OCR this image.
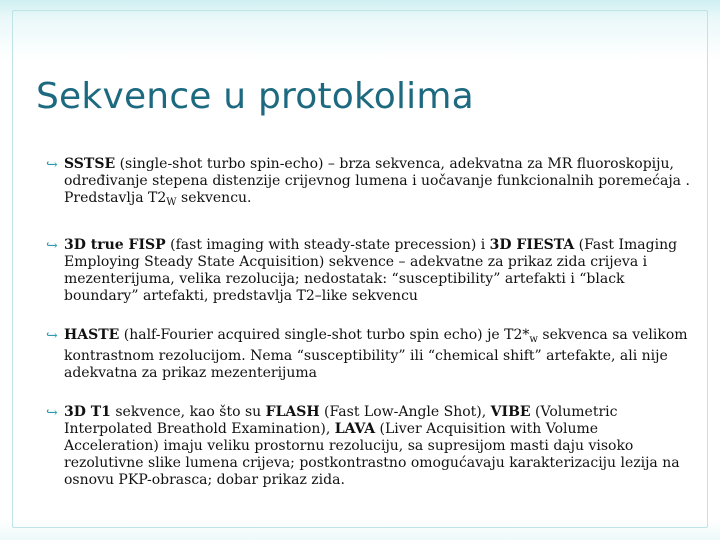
Sekvence u protokolima
↪ SSTSE (single-shot turbo spin-echo) – brza sekvenca, adekvatna za MR fluoroskopiju, određivanje stepena distenzije crijevnog lumena i uočavanje funkcionalnih poremećaja . Predstavlja $T2_W$ sekvencu.
↪ 3D true FISP (fast imaging with steady-state precession) i 3D FIESTA (Fast Imaging Employing Steady State Acquisition) sekvence – adekvatne za prikaz zida crijeva i mezenterijuma, velika rezolucija; nedostatak: “susceptibility” artefakti i “black boundary” artefakti, predstavlja T2–like sekvencu
↪ HASTE (half-Fourier acquired single-shot turbo spin echo) je $T2*_w$ sekvenca sa velikom kontrastnom rezolucijom. Nema “susceptibility” ili “chemical shift” artefakte, ali nije adekvatna za prikaz mezenterijuma
↪ 3D T1 sekvence, kao što su FLASH (Fast Low-Angle Shot), VIBE (Volumetric Interpolated Breathold Examination), LAVA (Liver Acquisition with Volume Acceleration) imaju veliku prostornu rezoluciju, sa supresijom masti daju visoko rezolutivne slike lumena crijeva; postkontrastno omogućavaju karakterizaciju lezija na osnovu PKP-obrasca; dobar prikaz zida.
